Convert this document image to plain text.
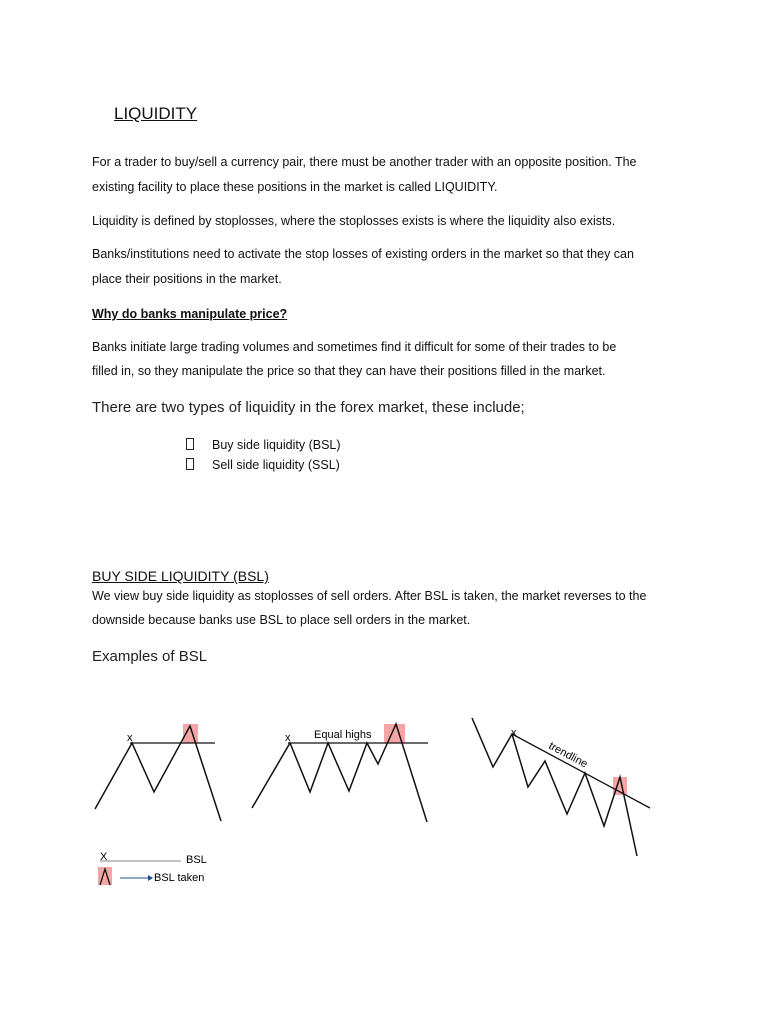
LIQUIDITY
For a trader to buy/sell a currency pair, there must be another trader with an opposite position. The
existing facility to place these positions in the market is called LIQUIDITY.
Liquidity is defined by stoplosses, where the stoplosses exists is where the liquidity also exists.
Banks/institutions need to activate the stop losses of existing orders in the market so that they can
place their positions in the market.
Why do banks manipulate price?
Banks initiate large trading volumes and sometimes find it difficult for some of their trades to be
filled in, so they manipulate the price so that they can have their positions filled in the market.
There are two types of liquidity in the forex market, these include;
Buy side liquidity (BSL)
Sell side liquidity (SSL)
BUY SIDE LIQUIDITY (BSL)
We view buy side liquidity as stoplosses of sell orders. After BSL is taken, the market reverses to the
downside because banks use BSL to place sell orders in the market.
Examples of BSL
x	x Equal highs	x
trendline
X	BSL
BSL taken
